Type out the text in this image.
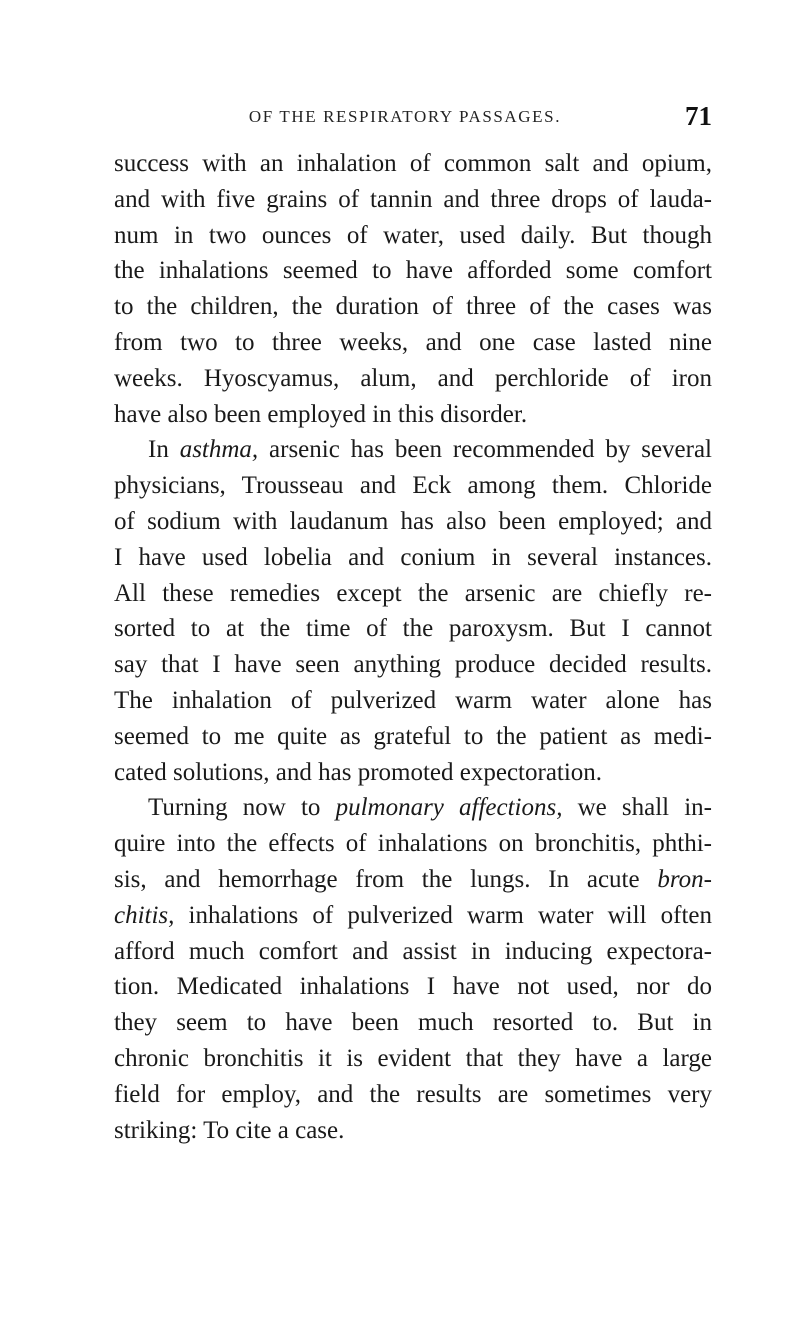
OF THE RESPIRATORY PASSAGES.	71
success with an inhalation of common salt and opium,
and with five grains of tannin and three drops of lauda-
num in two ounces of water, used daily. But though
the inhalations seemed to have afforded some comfort
to the children, the duration of three of the cases was
from two to three weeks, and one case lasted nine
weeks. Hyoscyamus, alum, and perchloride of iron
have also been employed in this disorder.
In asthma, arsenic has been recommended by several
physicians, Trousseau and Eck among them. Chloride
of sodium with laudanum has also been employed; and
I have used lobelia and conium in several instances.
All these remedies except the arsenic are chiefly re-
sorted to at the time of the paroxysm. But I cannot
say that I have seen anything produce decided results.
The inhalation of pulverized warm water alone has
seemed to me quite as grateful to the patient as medi-
cated solutions, and has promoted expectoration.
Turning now to pulmonary affections, we shall in-
quire into the effects of inhalations on bronchitis, phthi-
sis, and hemorrhage from the lungs. In acute bron-
chitis, inhalations of pulverized warm water will often
afford much comfort and assist in inducing expectora-
tion. Medicated inhalations I have not used, nor do
they seem to have been much resorted to. But in
chronic bronchitis it is evident that they have a large
field for employ, and the results are sometimes very
striking: To cite a case.
